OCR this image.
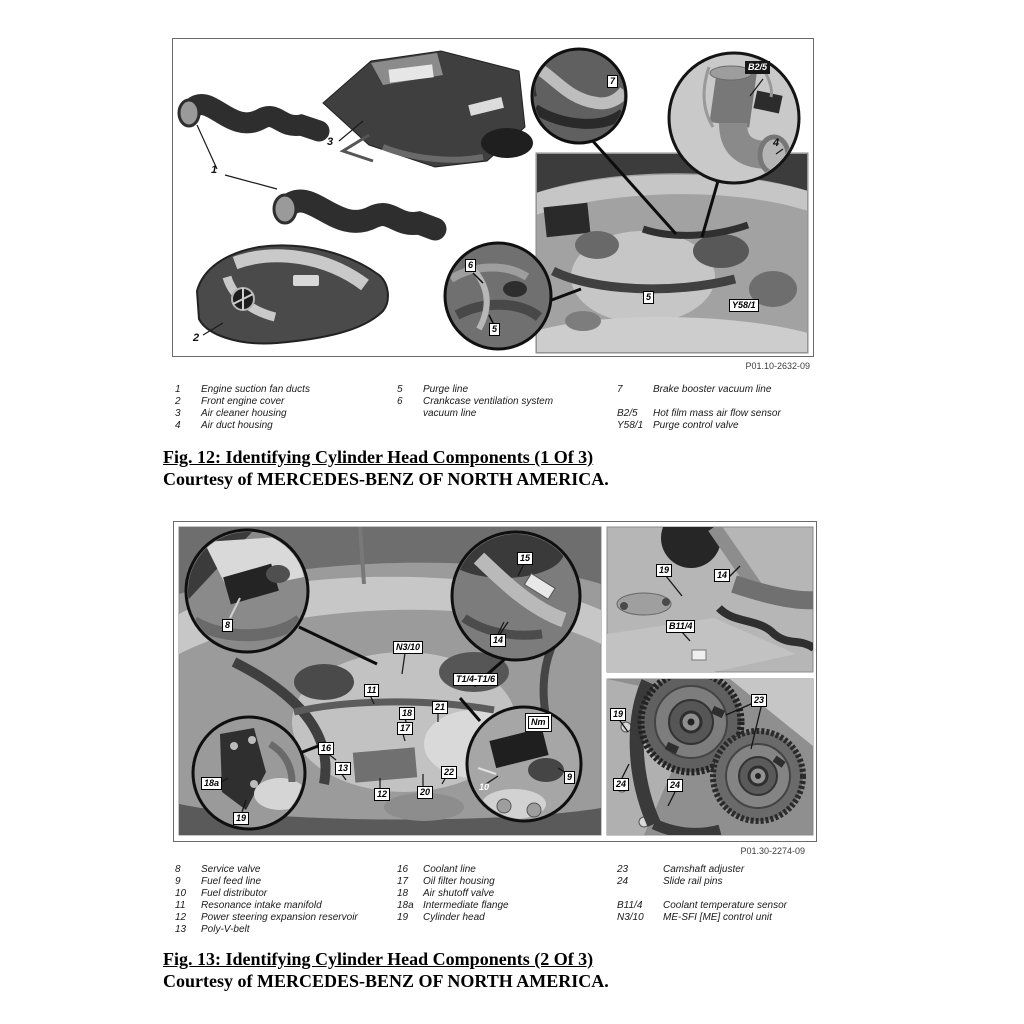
1
3
2
7
B2/5
4
5
Y58/1
6
5
P01.10-2632-09
1	Engine suction fan ducts
2	Front engine cover
3	Air cleaner housing
4	Air duct housing
5	Purge line
6	Crankcase ventilation system vacuum line
7	Brake booster vacuum line
B2/5	Hot film mass air flow sensor
Y58/1 Purge control valve
Fig. 12: Identifying Cylinder Head Components (1 Of 3)
Courtesy of MERCEDES-BENZ OF NORTH AMERICA.
8
N3/10
15
14
T1/4-T1/6
11
21
18
17
16
13	22
12	20
18a
19
Nm
9
10
19	14
B11/4
19
23
24	24
P01.30-2274-09
8	Service valve
9	Fuel feed line
10	Fuel distributor
11	Resonance intake manifold
12	Power steering expansion reservoir
13	Poly-V-belt
16	Coolant line
17	Oil filter housing
18	Air shutoff valve
18a Intermediate flange
19	Cylinder head
23	Camshaft adjuster
24	Slide rail pins
B11/4	Coolant temperature sensor
N3/10	ME-SFI [ME] control unit
Fig. 13: Identifying Cylinder Head Components (2 Of 3)
Courtesy of MERCEDES-BENZ OF NORTH AMERICA.
